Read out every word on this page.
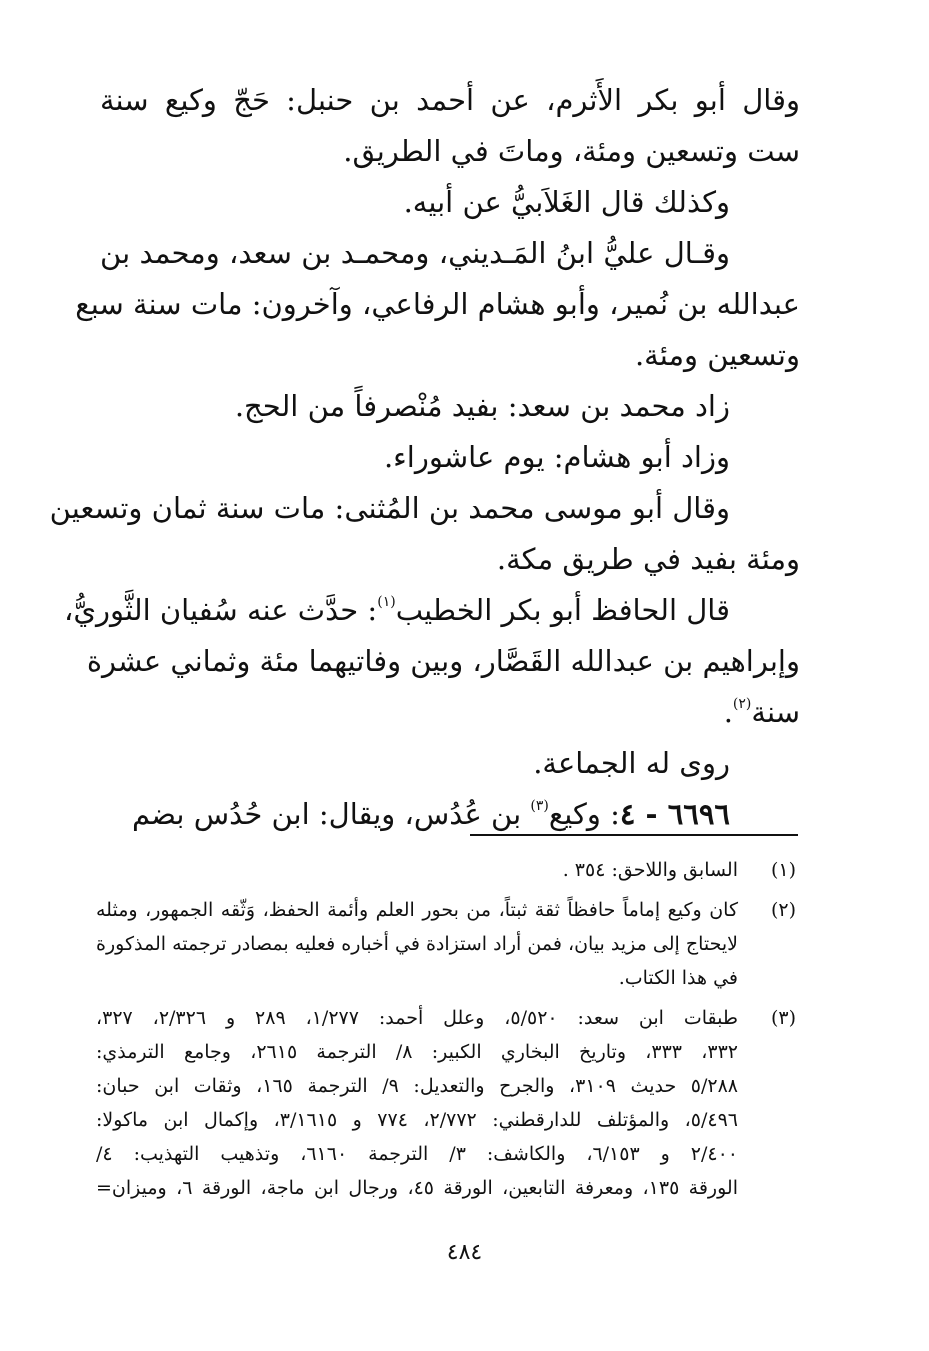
وقال أبو بكر الأَثرم، عن أحمد بن حنبل: حَجّ وكيع سنة
ست وتسعين ومئة، وماتَ في الطريق.
وكذلك قال الغَلاَبيُّ عن أبيه.
وقـال عليُّ ابنُ المَـديني، ومحمـد بن سعد، ومحمد بن
عبدالله بن نُمير، وأبو هشام الرفاعي، وآخرون: مات سنة سبع
وتسعين ومئة.
زاد محمد بن سعد: بفيد مُنْصرفاً من الحج.
وزاد أبو هشام: يوم عاشوراء.
وقال أبو موسى محمد بن المُثنى: مات سنة ثمان وتسعين
ومئة بفيد في طريق مكة.
قال الحافظ أبو بكر الخطيب$^{(١)}$: حدَّث عنه سُفيان الثَّوريُّ،
وإبراهيم بن عبدالله القَصَّار، وبين وفاتيهما مئة وثماني عشرة
سنة$^{(٢)}$.
روى له الجماعة.
٦٦٩٦ - ٤: وكيع$^{(٣)}$ بن عُدُس، ويقال: ابن حُدُس بضم
(١)
السابق واللاحق: ٣٥٤ .
(٢)
كان وكيع إماماً حافظاً ثقة ثبتاً، من بحور العلم وأئمة الحفظ، وَثّقه الجمهور، ومثله
لايحتاج إلى مزيد بيان، فمن أراد استزادة في أخباره فعليه بمصادر ترجمته المذكورة
في هذا الكتاب.
(٣)
طبقات ابن سعد: ٥/٥٢٠، وعلل أحمد: ١/٢٧٧، ٢٨٩ و ٢/٣٢٦، ٣٢٧،
٣٣٢، ٣٣٣، وتاريخ البخاري الكبير: ٨/ الترجمة ٢٦١٥، وجامع الترمذي:
٥/٢٨٨ حديث ٣١٠٩، والجرح والتعديل: ٩/ الترجمة ١٦٥، وثقات ابن حبان:
٥/٤٩٦، والمؤتلف للدارقطني: ٢/٧٧٢، ٧٧٤ و ٣/١٦١٥، وإكمال ابن ماكولا:
٢/٤٠٠ و ٦/١٥٣، والكاشف: ٣/ الترجمة ٦١٦٠، وتذهيب التهذيب: ٤/
الورقة ١٣٥، ومعرفة التابعين، الورقة ٤٥، ورجال ابن ماجة، الورقة ٦، وميزان=
٤٨٤
